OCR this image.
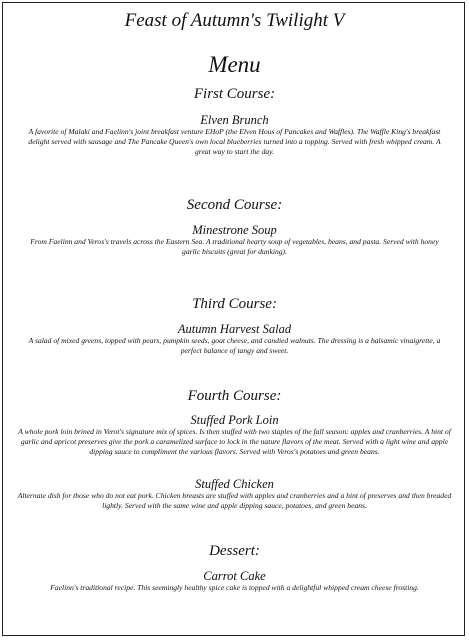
Feast of Autumn's Twilight V
Menu
First Course:
Elven Brunch
A favorite of Malaki and Faelinn's joint breakfast venture EHoP (the Elven Hous of Pancakes and Waffles). The Waffle King's breakfast delight served with sausage and The Pancake Queen's own local blueberries turned into a topping. Served with fresh whipped cream. A great way to start the day.
Second Course:
Minestrone Soup
From Faelinn and Veros's travels across the Eastern Sea. A traditional hearty soup of vegetables, beans, and pasta. Served with honey garlic biscuits (great for dunking).
Third Course:
Autumn Harvest Salad
A salad of mixed greens, topped with pears, pumpkin seeds, goat cheese, and candied walnuts. The dressing is a balsamic vinaigrette, a perfect balance of tangy and sweet.
Fourth Course:
Stuffed Pork Loin
A whole pork loin brined in Verot's signature mix of spices. Is then stuffed with two staples of the fall season: apples and cranberries. A hint of garlic and apricot preserves give the pork a caramelized surface to lock in the nature flavors of the meat. Served with a light wine and apple dipping sauce to compliment the various flavors. Served with Veros's potatoes and green beans.
Stuffed Chicken
Alternate dish for those who do not eat pork. Chicken breasts are stuffed with apples and cranberries and a hint of preserves and then breaded lightly. Served with the same wine and apple dipping sauce, potatoes, and green beans.
Dessert:
Carrot Cake
Faelinn's traditional recipe. This seemingly healthy spice cake is topped with a delightful whipped cream cheese frosting.
